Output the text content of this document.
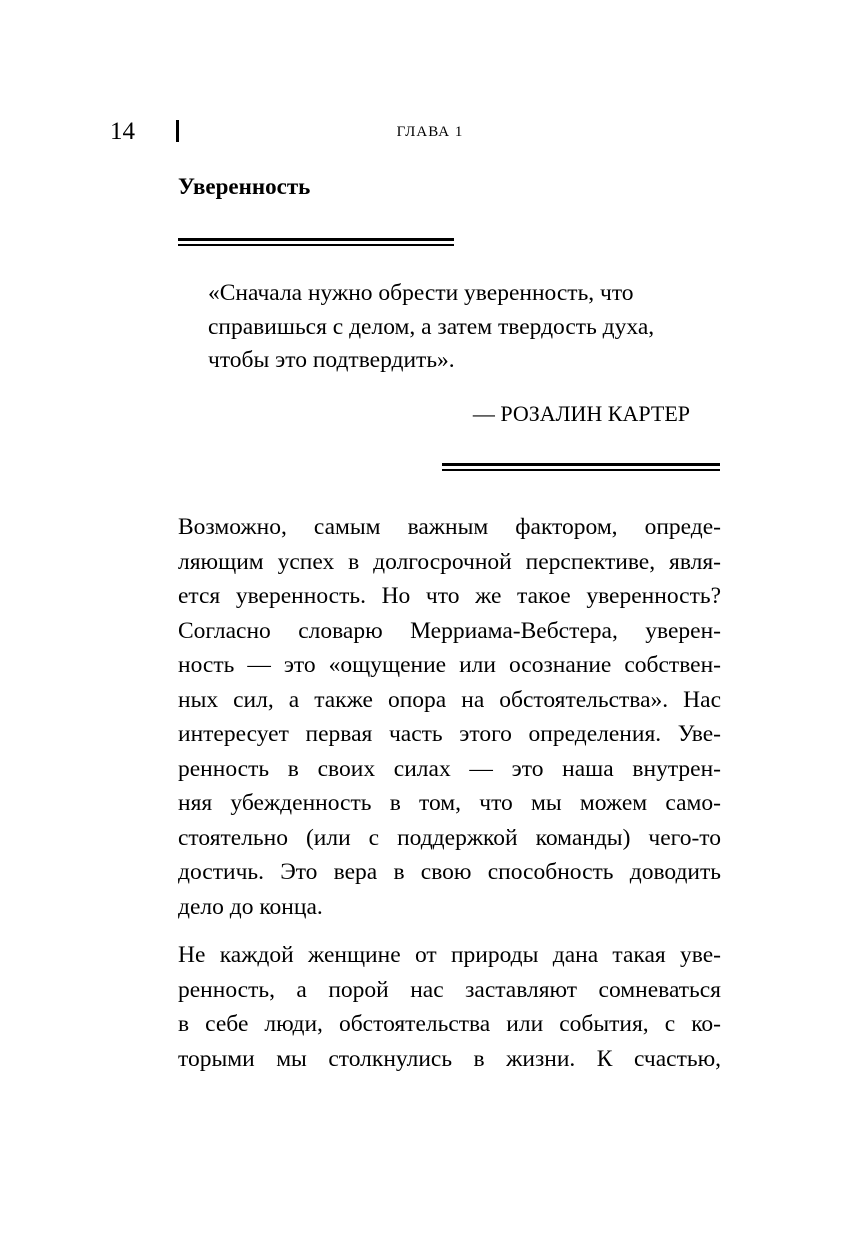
14	ГЛАВА 1
Уверенность
«Сначала нужно обрести уверенность, что
справишься с делом, а затем твердость духа,
чтобы это подтвердить».
— РОЗАЛИН КАРТЕР
Возможно, самым важным фактором, опреде-
ляющим успех в долгосрочной перспективе, явля-
ется уверенность. Но что же такое уверенность?
Согласно словарю Мерриама-Вебстера, уверен-
ность — это «ощущение или осознание собствен-
ных сил, а также опора на обстоятельства». Нас
интересует первая часть этого определения. Уве-
ренность в своих силах — это наша внутрен-
няя убежденность в том, что мы можем само-
стоятельно (или с поддержкой команды) чего-то
достичь. Это вера в свою способность доводить
дело до конца.
Не каждой женщине от природы дана такая уве-
ренность, а порой нас заставляют сомневаться
в себе люди, обстоятельства или события, с ко-
торыми мы столкнулись в жизни. К счастью,
